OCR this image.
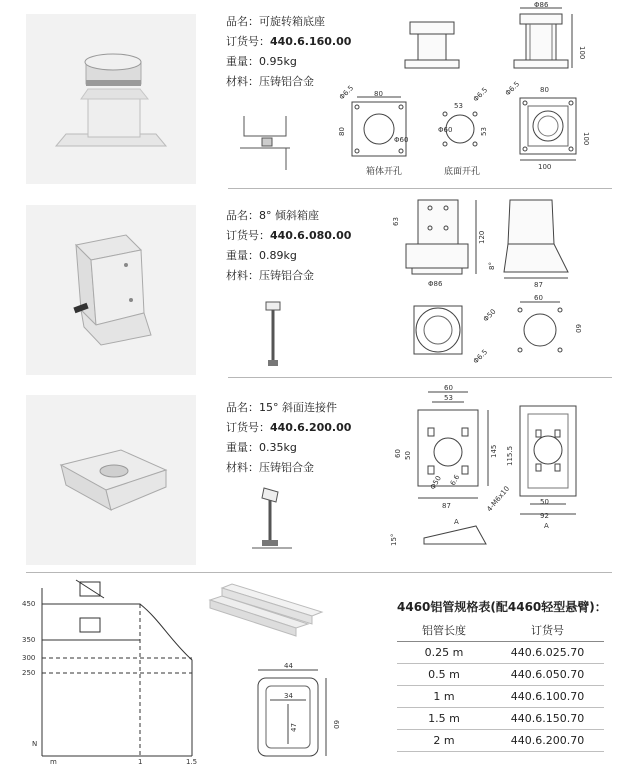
品名：可旋转箱底座
订货号：440.6.160.00
重量：0.95kg
材料：压铸铝合金
Φ86
100
80
80
Φ6.5
Φ60
53
Φ6.5
53
Φ60
Φ6.5	80
100
100
箱体开孔	底面开孔
品名：8° 倾斜箱座
订货号：440.6.080.00
重量：0.89kg
材料：压铸铝合金
63
120
Φ86	87
8°
60
Φ50
60
Φ6.5
品名：15° 斜面连接件
订货号：440.6.200.00
重量：0.35kg
材料：压铸铝合金
60
53
60 50	145
Φ50 6.6
87
115.5
4-M6x10	50
92
A
15°
A
450
350
300
250
1	1.5
N
m
44
34
47	60
4460铝管规格表(配4460轻型悬臂)：
铝管长度	订货号
0.25 m	440.6.025.70
0.5 m	440.6.050.70
1 m	440.6.100.70
1.5 m	440.6.150.70
2 m	440.6.200.70
